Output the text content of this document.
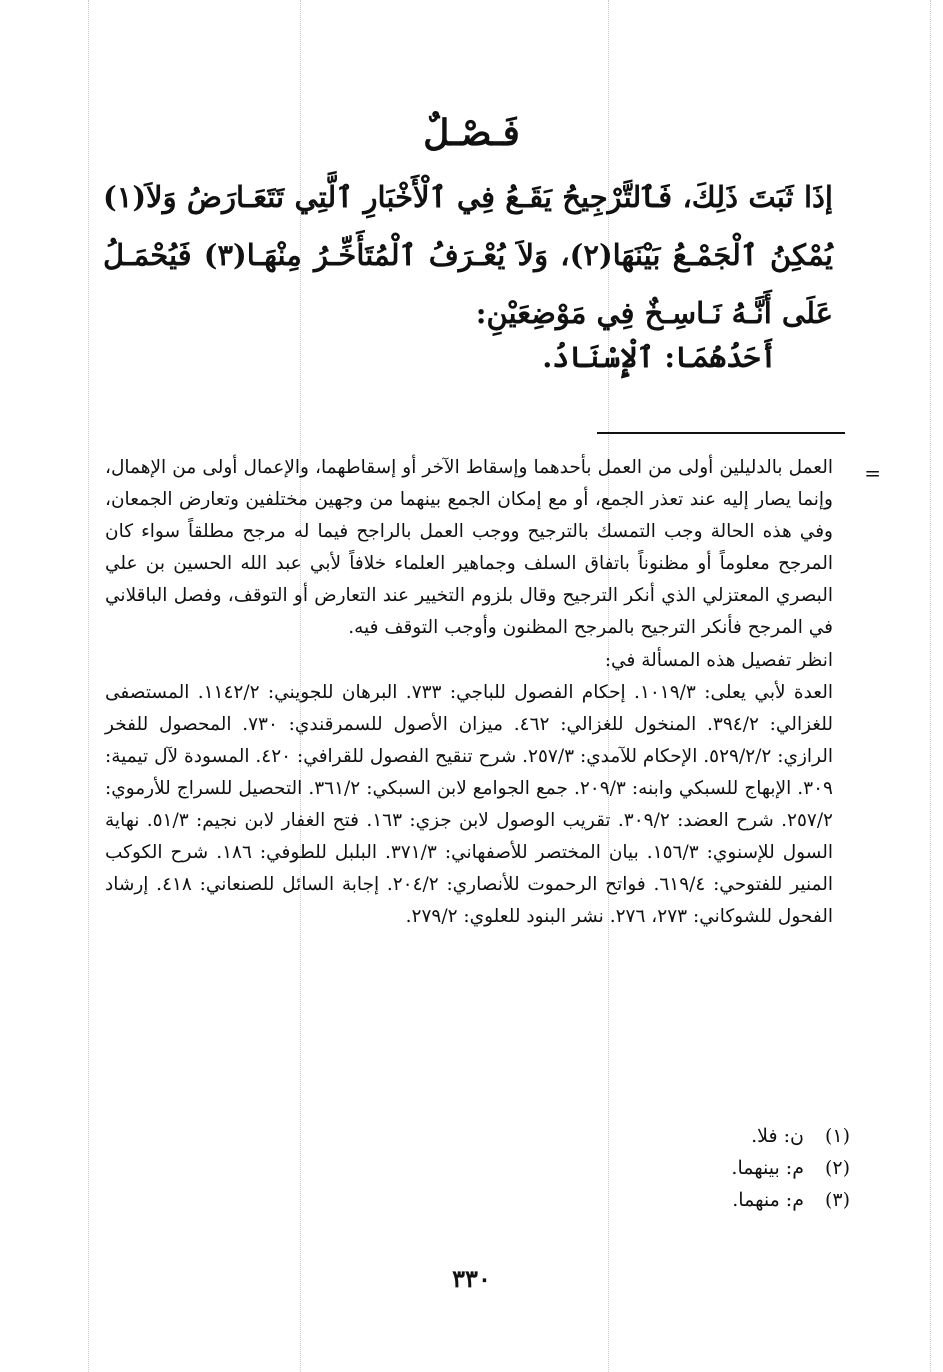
فَـصْـلٌ

إذَا ثَبَتَ ذَلِكَ، فَٱلتَّرْجِيحُ يَقَـعُ فِي ٱلْأَخْبَارِ ٱلَّتِي تَتَعَـارَضُ وَلاَ(١) يُمْكِنُ ٱلْجَمْـعُ بَيْنَهَا(٢)، وَلاَ يُعْـرَفُ ٱلْمُتَأَخِّـرُ مِنْهَـا(٣) فَيُحْمَـلُ عَلَى أَنَّـهُ نَـاسِـخٌ فِي مَوْضِعَيْنِ:

أَحَدُهُمَا: ٱلْإِسْنَادُ.
=

العمل بالدليلين أولى من العمل بأحدهما وإسقاط الآخر أو إسقاطهما، والإعمال أولى من الإهمال، وإنما يصار إليه عند تعذر الجمع، أو مع إمكان الجمع بينهما من وجهين مختلفين وتعارض الجمعان، وفي هذه الحالة وجب التمسك بالترجيح ووجب العمل بالراجح فيما له مرجح مطلقاً سواء كان المرجح معلوماً أو مظنوناً باتفاق السلف وجماهير العلماء خلافاً لأبي عبد الله الحسين بن علي البصري المعتزلي الذي أنكر الترجيح وقال بلزوم التخيير عند التعارض أو التوقف، وفصل الباقلاني في المرجح فأنكر الترجيح بالمرجح المظنون وأوجب التوقف فيه.

انظر تفصيل هذه المسألة في:

العدة لأبي يعلى: ١٠١٩/٣. إحكام الفصول للباجي: ٧٣٣. البرهان للجويني: ١١٤٢/٢. المستصفى للغزالي: ٣٩٤/٢. المنخول للغزالي: ٤٦٢. ميزان الأصول للسمرقندي: ٧٣٠. المحصول للفخر الرازي: ٥٢٩/٢/٢. الإحكام للآمدي: ٢٥٧/٣. شرح تنقيح الفصول للقرافي: ٤٢٠. المسودة لآل تيمية: ٣٠٩. الإبهاج للسبكي وابنه: ٢٠٩/٣. جمع الجوامع لابن السبكي: ٣٦١/٢. التحصيل للسراج للأرموي: ٢٥٧/٢. شرح العضد: ٣٠٩/٢. تقريب الوصول لابن جزي: ١٦٣. فتح الغفار لابن نجيم: ٥١/٣. نهاية السول للإسنوي: ١٥٦/٣. بيان المختصر للأصفهاني: ٣٧١/٣. البلبل للطوفي: ١٨٦. شرح الكوكب المنير للفتوحي: ٦١٩/٤. فواتح الرحموت للأنصاري: ٢٠٤/٢. إجابة السائل للصنعاني: ٤١٨. إرشاد الفحول للشوكاني: ٢٧٣، ٢٧٦. نشر البنود للعلوي: ٢٧٩/٢.

(١) ن: فلا.
(٢) م: بينهما.
(٣) م: منهما.
٣٣٠
